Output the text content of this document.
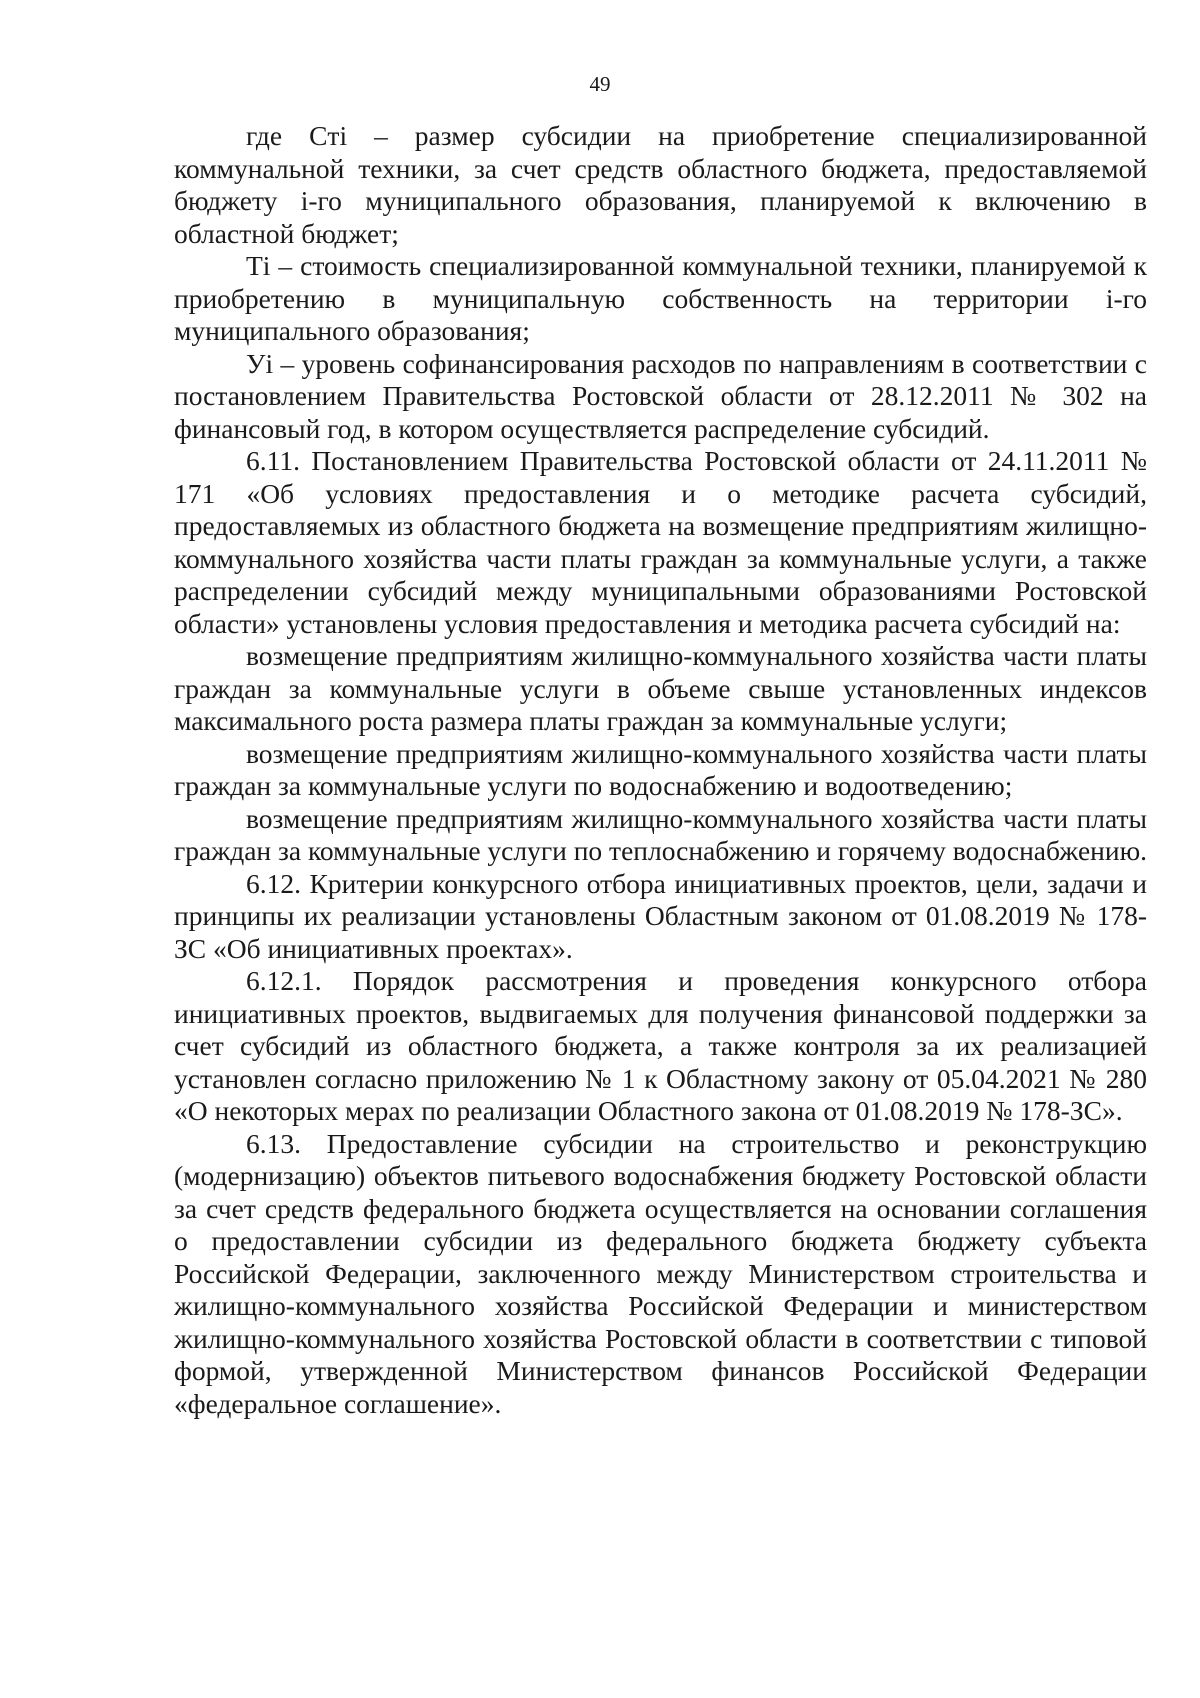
49

где Cтi – размер субсидии на приобретение специализированной коммунальной техники, за счет средств областного бюджета, предоставляемой бюджету i-го муниципального образования, планируемой к включению в областной бюджет;

Тi – стоимость специализированной коммунальной техники, планируемой к приобретению в муниципальную собственность на территории i-го муниципального образования;

Уi – уровень софинансирования расходов по направлениям в соответствии с постановлением Правительства Ростовской области от 28.12.2011 № 302 на финансовый год, в котором осуществляется распределение субсидий.

6.11. Постановлением Правительства Ростовской области от 24.11.2011 № 171 «Об условиях предоставления и о методике расчета субсидий, предоставляемых из областного бюджета на возмещение предприятиям жилищно-коммунального хозяйства части платы граждан за коммунальные услуги, а также распределении субсидий между муниципальными образованиями Ростовской области» установлены условия предоставления и методика расчета субсидий на:

возмещение предприятиям жилищно-коммунального хозяйства части платы граждан за коммунальные услуги в объеме свыше установленных индексов максимального роста размера платы граждан за коммунальные услуги;

возмещение предприятиям жилищно-коммунального хозяйства части платы граждан за коммунальные услуги по водоснабжению и водоотведению;

возмещение предприятиям жилищно-коммунального хозяйства части платы граждан за коммунальные услуги по теплоснабжению и горячему водоснабжению.

6.12. Критерии конкурсного отбора инициативных проектов, цели, задачи и принципы их реализации установлены Областным законом от 01.08.2019 № 178-ЗС «Об инициативных проектах».

6.12.1. Порядок рассмотрения и проведения конкурсного отбора инициативных проектов, выдвигаемых для получения финансовой поддержки за счет субсидий из областного бюджета, а также контроля за их реализацией установлен согласно приложению № 1 к Областному закону от 05.04.2021 № 280 «О некоторых мерах по реализации Областного закона от 01.08.2019 № 178-ЗС».

6.13. Предоставление субсидии на строительство и реконструкцию (модернизацию) объектов питьевого водоснабжения бюджету Ростовской области за счет средств федерального бюджета осуществляется на основании соглашения о предоставлении субсидии из федерального бюджета бюджету субъекта Российской Федерации, заключенного между Министерством строительства и жилищно-коммунального хозяйства Российской Федерации и министерством жилищно-коммунального хозяйства Ростовской области в соответствии с типовой формой, утвержденной Министерством финансов Российской Федерации «федеральное соглашение».
